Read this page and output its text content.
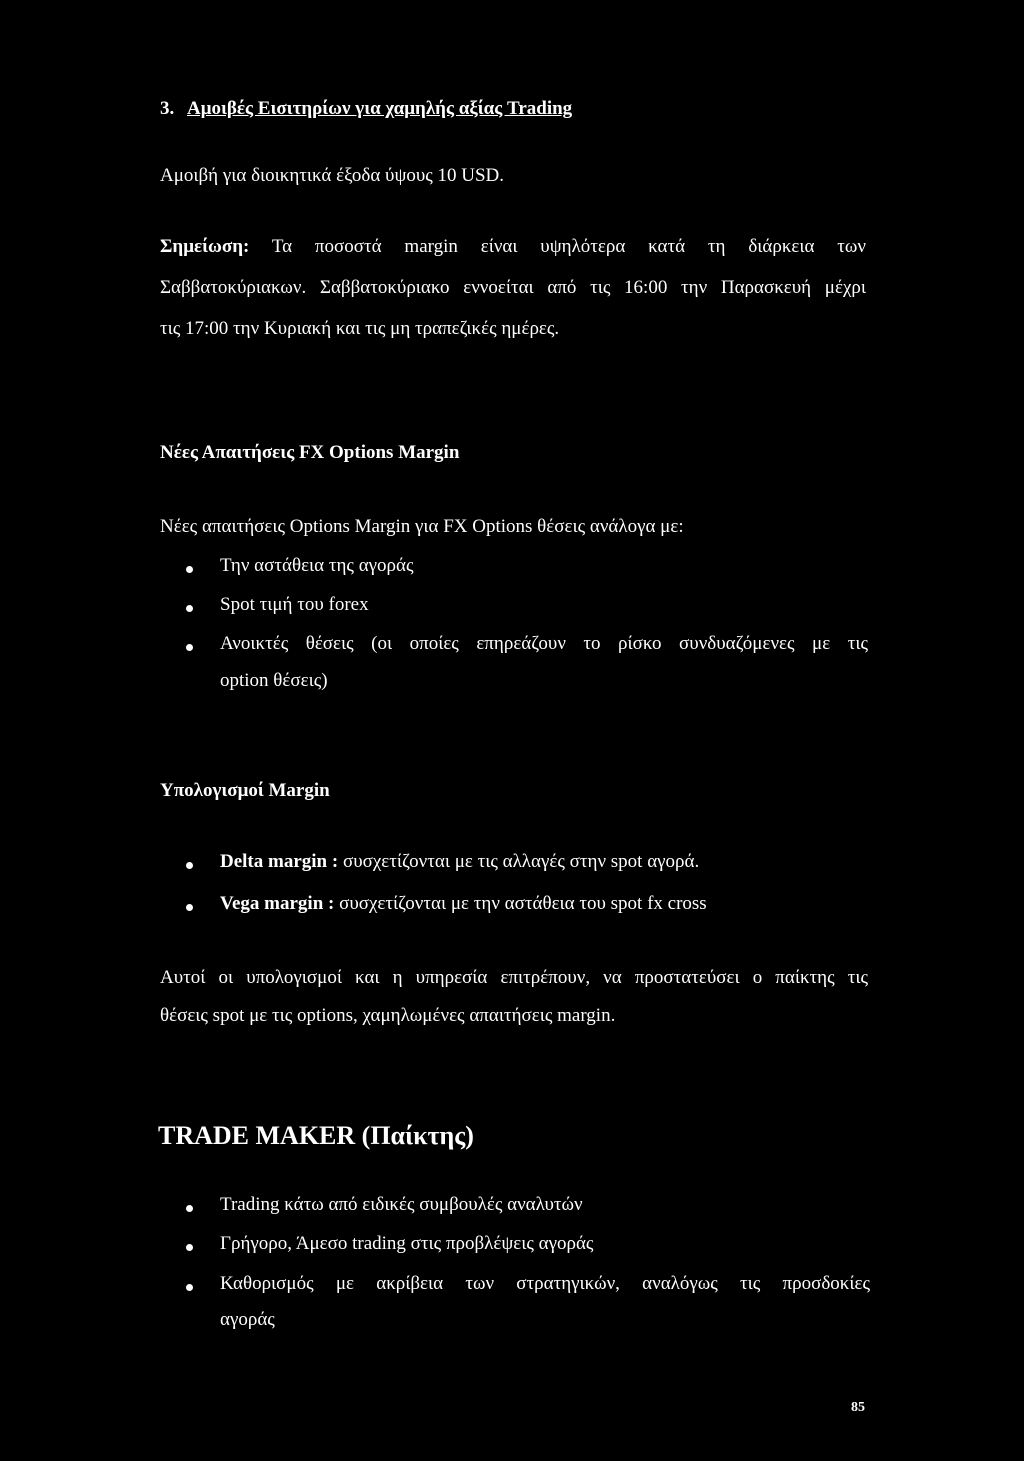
3. Αμοιβές Εισιτηρίων για χαμηλής αξίας Trading
Αμοιβή για διοικητικά έξοδα ύψους 10 USD.
Σημείωση: Τα ποσοστά margin είναι υψηλότερα κατά τη διάρκεια των
Σαββατοκύριακων. Σαββατοκύριακο εννοείται από τις 16:00 την Παρασκευή μέχρι
τις 17:00 την Κυριακή και τις μη τραπεζικές ημέρες.
Νέες Απαιτήσεις FX Options Margin
Νέες απαιτήσεις Options Margin για FX Options θέσεις ανάλογα με:
Την αστάθεια της αγοράς
Spot τιμή του forex
Ανοικτές θέσεις (οι οποίες επηρεάζουν το ρίσκο συνδυαζόμενες με τις
option θέσεις)
Υπολογισμοί Margin
Delta margin : συσχετίζονται με τις αλλαγές στην spot αγορά.
Vega margin : συσχετίζονται με την αστάθεια του spot fx cross
Αυτοί οι υπολογισμοί και η υπηρεσία επιτρέπουν, να προστατεύσει ο παίκτης τις
θέσεις spot με τις options, χαμηλωμένες απαιτήσεις margin.
TRADE MAKER (Παίκτης)
Trading κάτω από ειδικές συμβουλές αναλυτών
Γρήγορο, Άμεσο trading στις προβλέψεις αγοράς
Καθορισμός με ακρίβεια των στρατηγικών, αναλόγως τις προσδοκίες
αγοράς
85
